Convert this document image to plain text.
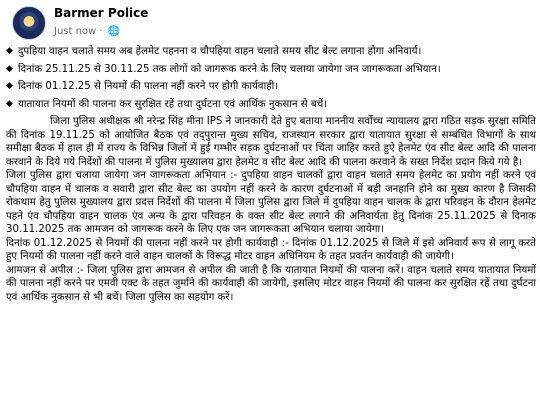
Barmer Police
Just now · 🌐
◆ दुपहिया वाहन चलाते समय अब हेलमेट पहनना व चौपहिया वाहन चलाते समय सीट बेल्ट लगाना होगा अनिवार्य।
◆ दिनांक 25.11.25 से 30.11.25 तक लोगों को जागरूक करने के लिए चलाया जायेगा जन जागरूकता अभियान।
◆ दिनांक 01.12.25 से नियमों की पालना नहीं करने पर होगी कार्यवाही।
◆ यातायात नियमों की पालना कर सुरक्षित रहें तथा दुर्घटना एवं आर्थिक नुकसान से बचें।

जिला पुलिस अधीक्षक श्री नरेन्द्र सिंह मीना IPS ने जानकारी देते हुए बताया माननीय सर्वोच्च न्यायालय द्वारा गठित सड़क सुरक्षा समिति की दिनांक 19.11.25 को आयोजित बैठक एवं तद्पुरान्त मुख्य सचिव, राजस्थान सरकार द्वारा यातायात सुरक्षा से सम्बंधित विभागों के साथ समीक्षा बैठक में हाल ही में राज्य के विभिन्न जिलों में हुई गम्भीर सड़क दुर्घटनाओं पर चिंता जाहिर करते हुऐ हेलमेट एंव सीट बेल्ट आदि की पालना करवाने के दिये गये निर्देशों की पालना में पुलिस मुख्यालय द्वारा हेलमेट व सीट बेल्ट आदि की पालना करवाने के सख्त निर्देश प्रदान किये गये है।

जिला पुलिस द्वारा चलाया जायेगा जन जागरूकता अभियान :- दुपहिया वाहन चालकों द्वारा वाहन चलाते समय हेलमेट का प्रयोग नहीं करने एवं चौपहिया वाहन में चालक व सवारी द्वारा सीट बेल्ट का उपयोग नहीं करने के कारण दुर्घटनाओं में बड़ी जनहानि होने का मुख्य कारण है जिसकी रोकथाम हेतु पुलिस मुख्यालय द्वारा प्रदत्त निर्देशों की पालना में जिला पुलिस द्वारा जिले में दुपहिया वाहन चालक के द्वारा परिवहन के दौरान हेलमेट पहने एंव चौपहिया वाहन चालक एंव अन्य के द्वारा परिवहन के वक्त सीट बेल्ट लगाने की अनिवार्यता हेतु दिनांक 25.11.2025 से दिनाक 30.11.2025 तक आमजन को जागरूक करने के लिए एक जन जागरूकता अभियान चलाया जायेगा।

दिनांक 01.12.2025 से नियमों की पालना नहीं करने पर होगी कार्यवाही :- दिनांक 01.12.2025 से जिले में इसे अनिवार्य रूप से लागू करते हुए नियमों की पालना नहीं करने वाले वाहन चालकों के विरूद्ध मोटर वाहन अधिनियम के तहत प्रवर्तन कार्यवाही की जायेगी।

आमजन से अपील :- जिला पुलिस द्वारा आमजन से अपील की जाती है कि यातायात नियमों की पालना करें। वाहन चलाते समय यातायात नियमों की पालना नहीं करने पर एमवी एक्ट के तहत जुर्माने की कार्यवाही की जायेगी, इसलिए मोटर वाहन नियमों की पालना कर सुरक्षित रहें तथा दुर्घटना एवं आर्थिक नुकसान से भी बचें। जिला पुलिस का सहयोग करें।
